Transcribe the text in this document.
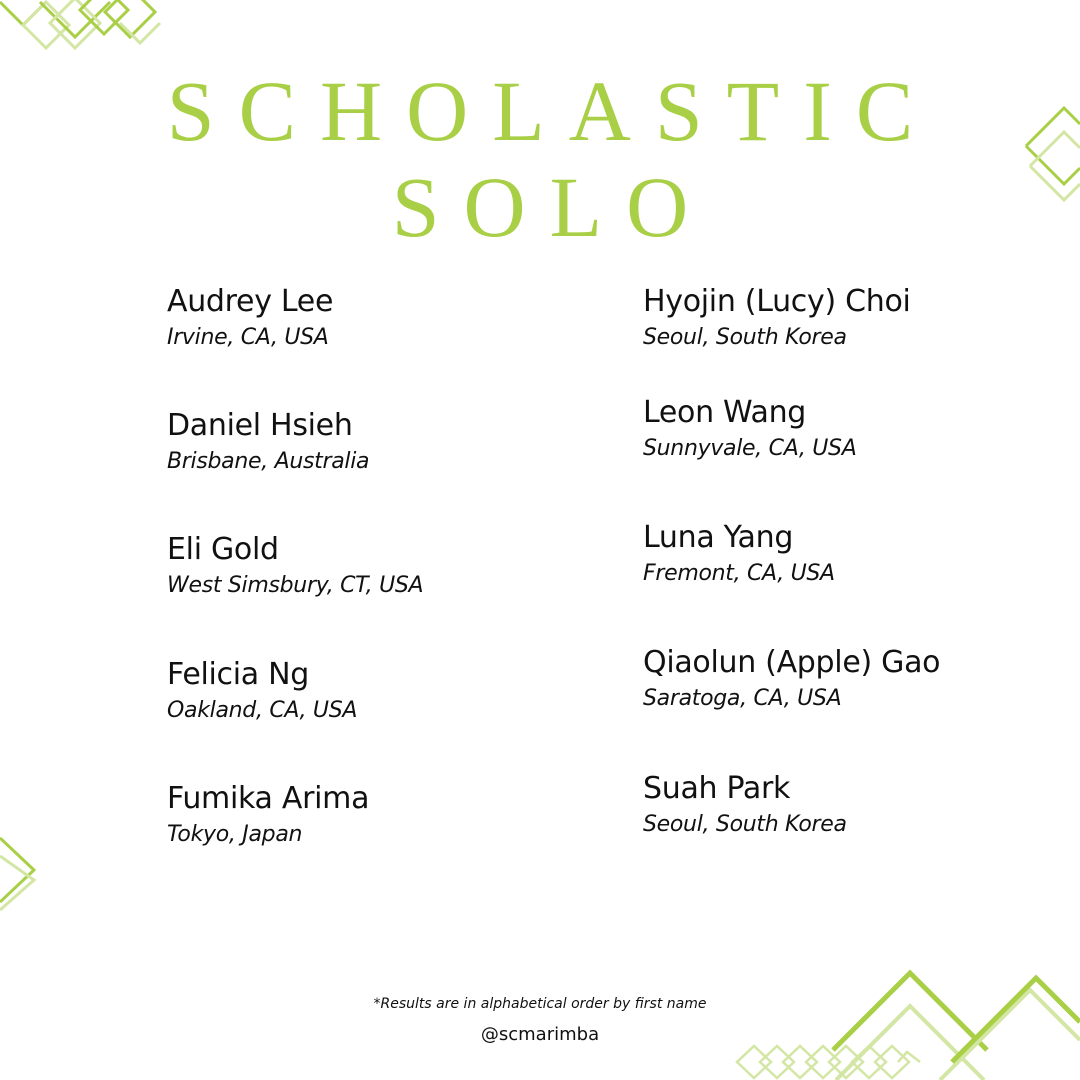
SCHOLASTIC
SOLO
Audrey Lee
Irvine, CA, USA
Daniel Hsieh
Brisbane, Australia
Eli Gold
West Simsbury, CT, USA
Felicia Ng
Oakland, CA, USA
Fumika Arima
Tokyo, Japan
Hyojin (Lucy) Choi
Seoul, South Korea
Leon Wang
Sunnyvale, CA, USA
Luna Yang
Fremont, CA, USA
Qiaolun (Apple) Gao
Saratoga, CA, USA
Suah Park
Seoul, South Korea
*Results are in alphabetical order by first name
@scmarimba
